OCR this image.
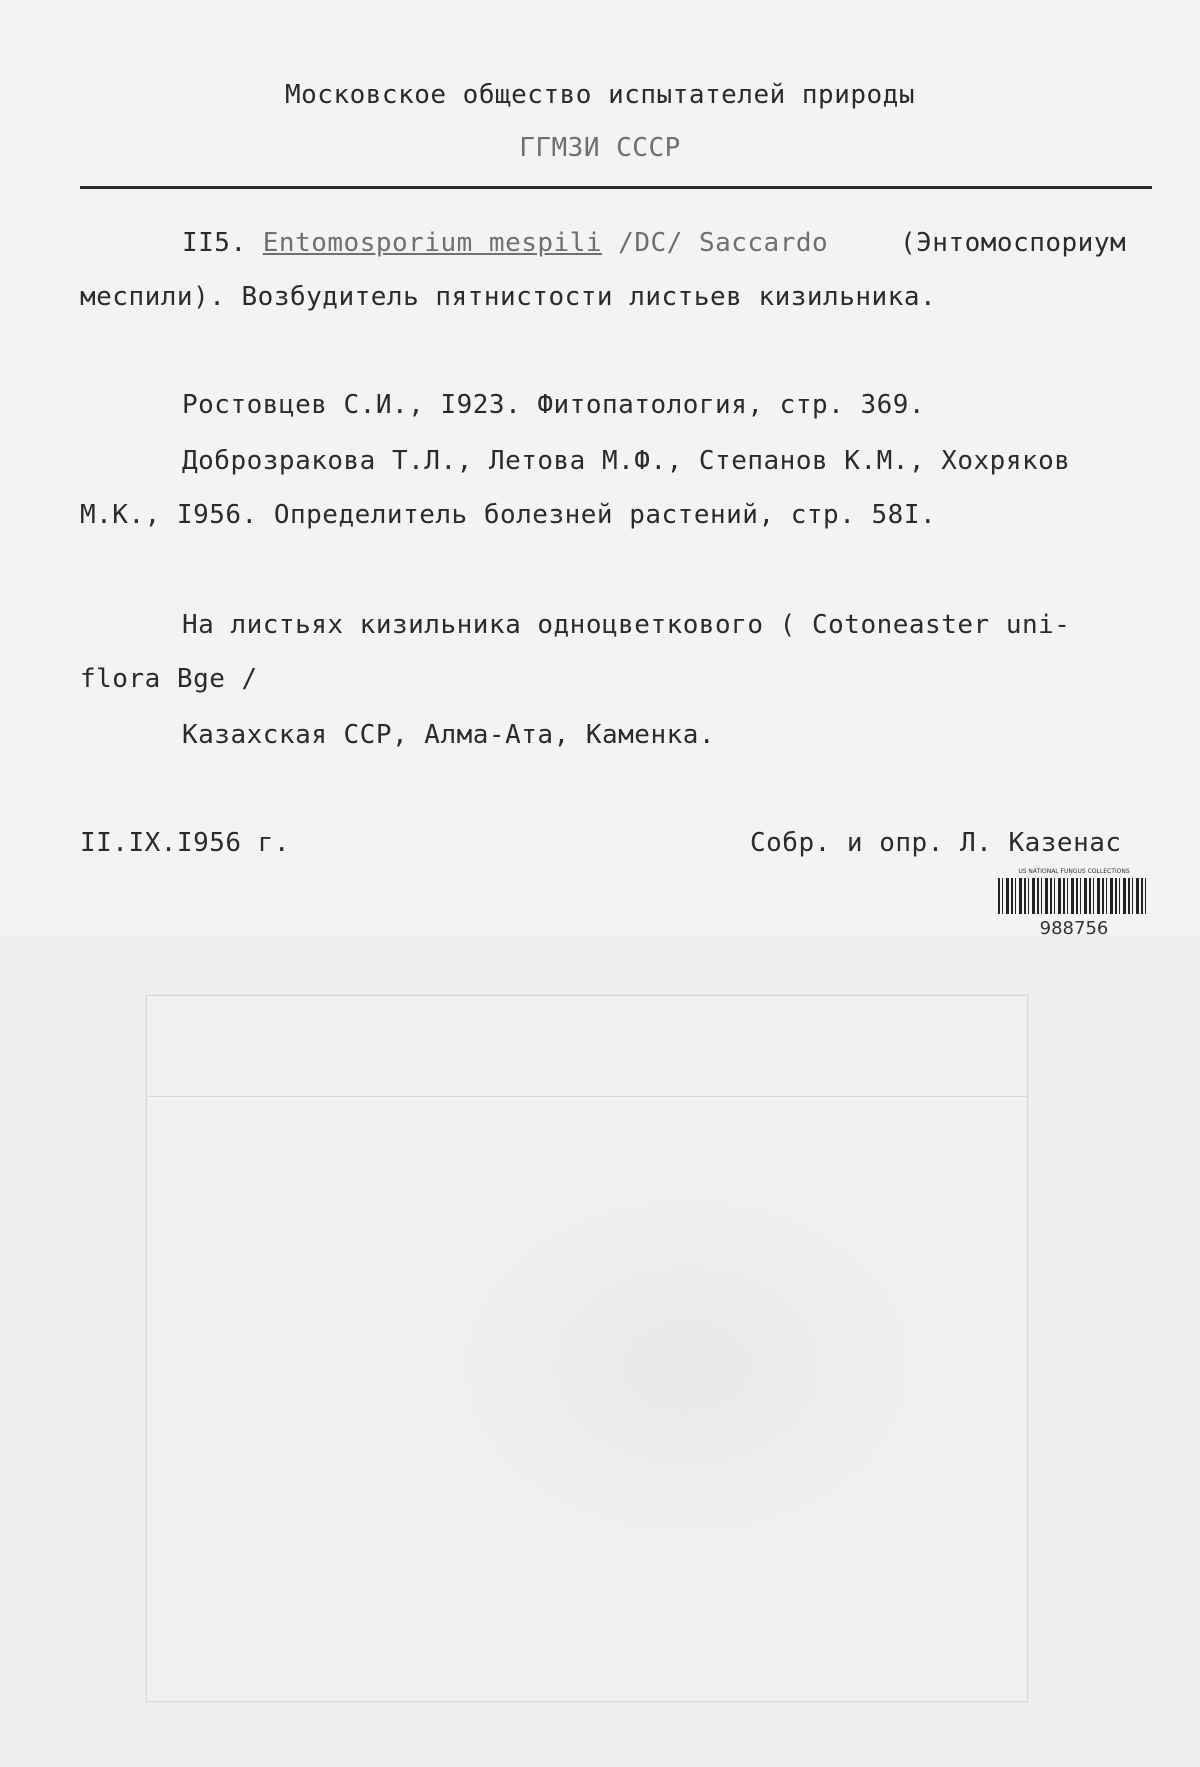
Московское общество испытателей природы
ГГМЗИ СССР
II5. Entomosporium mespili /DC/ Saccardo	(Энтомоспориум
меспили). Возбудитель пятнистости листьев кизильника.
Ростовцев С.И., I923. Фитопатология, стр. 369.
Доброзракова Т.Л., Летова М.Ф., Степанов К.М., Хохряков
М.К., I956. Определитель болезней растений, стр. 58I.
На листьях кизильника одноцветкового ( Cotoneaster uni-
flora Bge /
Казахская ССР, Алма-Ата, Каменка.
II.IX.I956 г.	Собр. и опр. Л. Казенас
US NATIONAL FUNGUS COLLECTIONS
988756
